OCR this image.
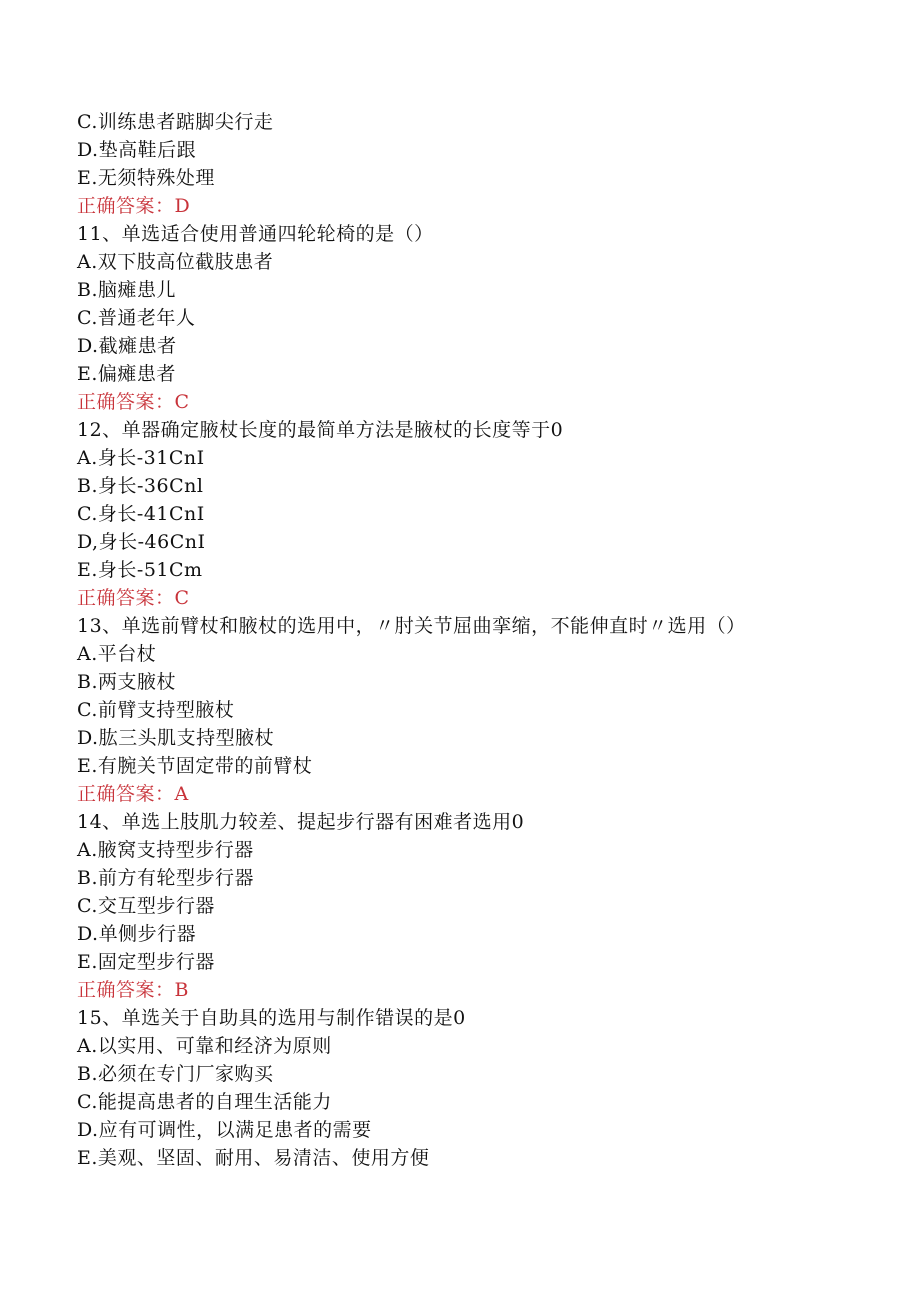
C.训练患者踮脚尖行走
D.垫高鞋后跟
E.无须特殊处理
正确答案：D
11、单选适合使用普通四轮轮椅的是（）
A.双下肢高位截肢患者
B.脑瘫患儿
C.普通老年人
D.截瘫患者
E.偏瘫患者
正确答案：C
12、单器确定腋杖长度的最简单方法是腋杖的长度等于0
A.身长-31CnI
B.身长-36Cnl
C.身长-41CnI
D,身长-46CnI
E.身长-51Cm
正确答案：C
13、单选前臂杖和腋杖的选用中，〃肘关节屈曲挛缩，不能伸直时〃选用（）
A.平台杖
B.两支腋杖
C.前臂支持型腋杖
D.肱三头肌支持型腋杖
E.有腕关节固定带的前臂杖
正确答案：A
14、单选上肢肌力较差、提起步行器有困难者选用0
A.腋窝支持型步行器
B.前方有轮型步行器
C.交互型步行器
D.单侧步行器
E.固定型步行器
正确答案：B
15、单选关于自助具的选用与制作错误的是0
A.以实用、可靠和经济为原则
B.必须在专门厂家购买
C.能提高患者的自理生活能力
D.应有可调性，以满足患者的需要
E.美观、坚固、耐用、易清洁、使用方便
